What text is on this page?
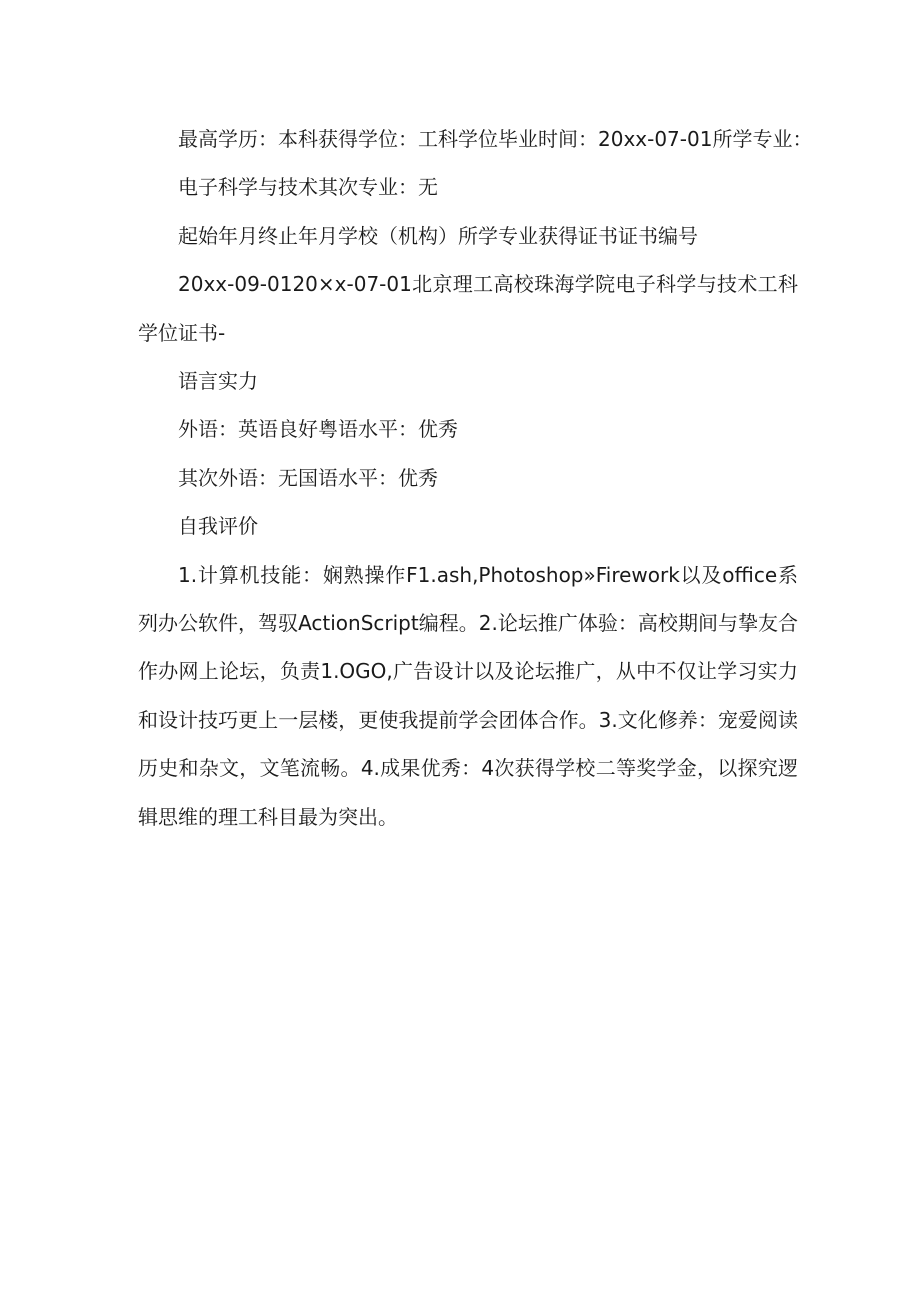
最高学历：本科获得学位：工科学位毕业时间：20xx-07-01所学专业：
电子科学与技术其次专业：无
起始年月终止年月学校（机构）所学专业获得证书证书编号

20xx-09-0120×x-07-01北京理工高校珠海学院电子科学与技术工科学位证书-

语言实力
外语：英语良好粤语水平：优秀
其次外语：无国语水平：优秀
自我评价

1.计算机技能：娴熟操作F1.ash,Photoshop»Firework以及office系列办公软件，驾驭ActionScript编程。2.论坛推广体验：高校期间与挚友合作办网上论坛，负责1.OGO,广告设计以及论坛推广，从中不仅让学习实力和设计技巧更上一层楼，更使我提前学会团体合作。3.文化修养：宠爱阅读历史和杂文，文笔流畅。4.成果优秀：4次获得学校二等奖学金，以探究逻辑思维的理工科目最为突出。
